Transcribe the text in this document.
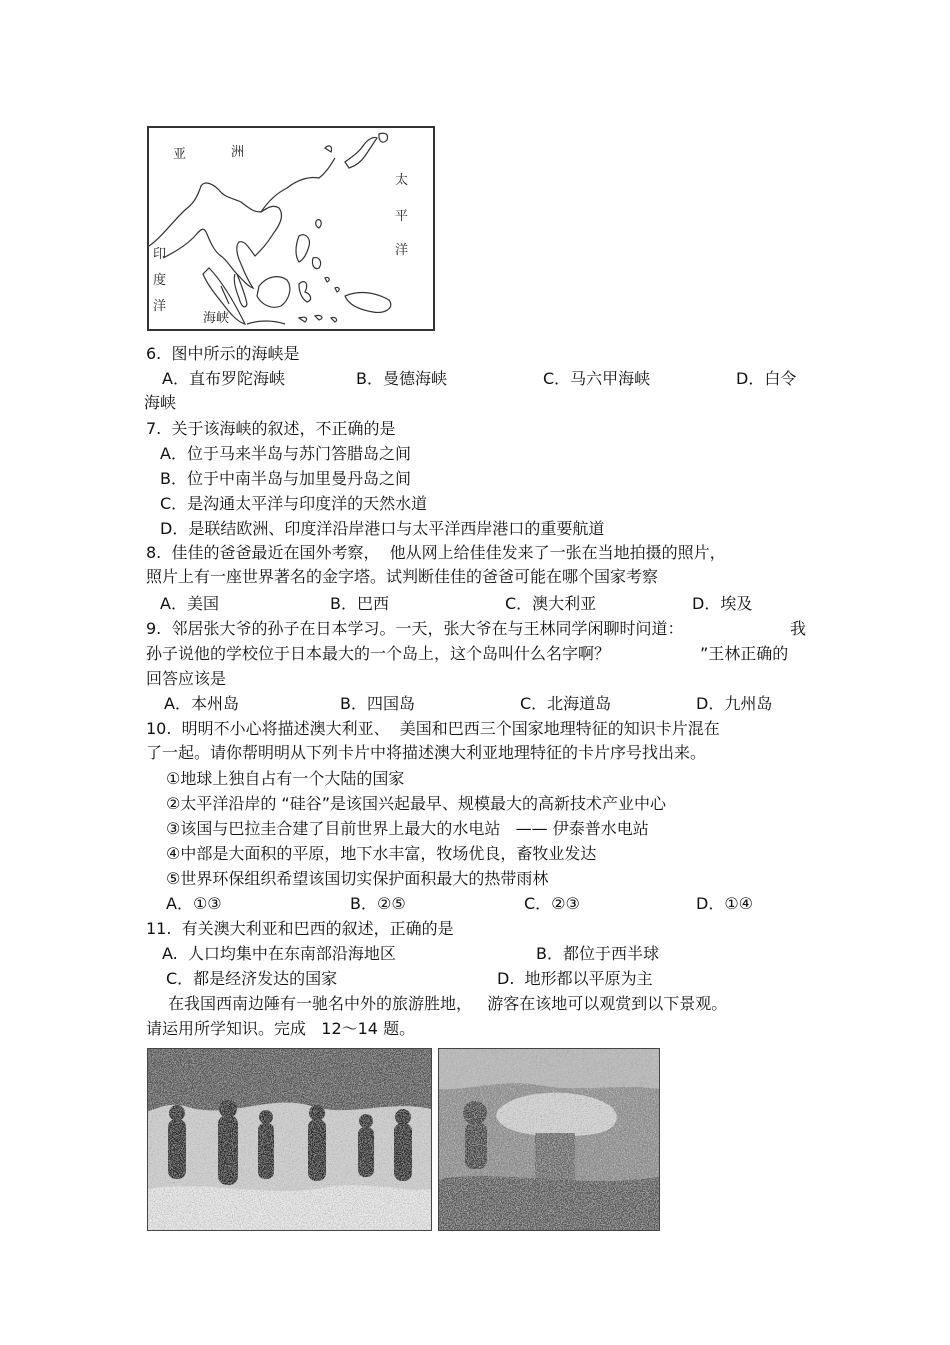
亚	洲
太
平
洋
印
度
洋
海峡
6.  图中所示的海峡是
A．直布罗陀海峡	B．曼德海峡	C．马六甲海峡	D．白令
海峡
7.  关于该海峡的叙述，不正确的是
A．位于马来半岛与苏门答腊岛之间
B．位于中南半岛与加里曼丹岛之间
C．是沟通太平洋与印度洋的天然水道
D．是联结欧洲、印度洋沿岸港口与太平洋西岸港口的重要航道
8.  佳佳的爸爸最近在国外考察，  他从网上给佳佳发来了一张在当地拍摄的照片，
照片上有一座世界著名的金字塔。试判断佳佳的爸爸可能在哪个国家考察
A．美国	B．巴西	C．澳大利亚	D．埃及
9.  邻居张大爷的孙子在日本学习。一天，张大爷在与王林同学闲聊时问道：	我
孙子说他的学校位于日本最大的一个岛上，这个岛叫什么名字啊？	”王林正确的
回答应该是
A．本州岛	B．四国岛	C．北海道岛	D．九州岛
10.  明明不小心将描述澳大利亚、  美国和巴西三个国家地理特征的知识卡片混在
了一起。请你帮明明从下列卡片中将描述澳大利亚地理特征的卡片序号找出来。
①地球上独自占有一个大陆的国家
②太平洋沿岸的 “硅谷”是该国兴起最早、规模最大的高新技术产业中心
③该国与巴拉圭合建了目前世界上最大的水电站   —— 伊泰普水电站
④中部是大面积的平原，地下水丰富，牧场优良，畜牧业发达
⑤世界环保组织希望该国切实保护面积最大的热带雨林
A．①③	B．②⑤	C．②③	D．①④
11.  有关澳大利亚和巴西的叙述，正确的是
A.  人口均集中在东南部沿海地区	B．都位于西半球
C．都是经济发达的国家	D.  地形都以平原为主
在我国西南边陲有一驰名中外的旅游胜地，   游客在该地可以观赏到以下景观。
请运用所学知识。完成   12～14 题。
